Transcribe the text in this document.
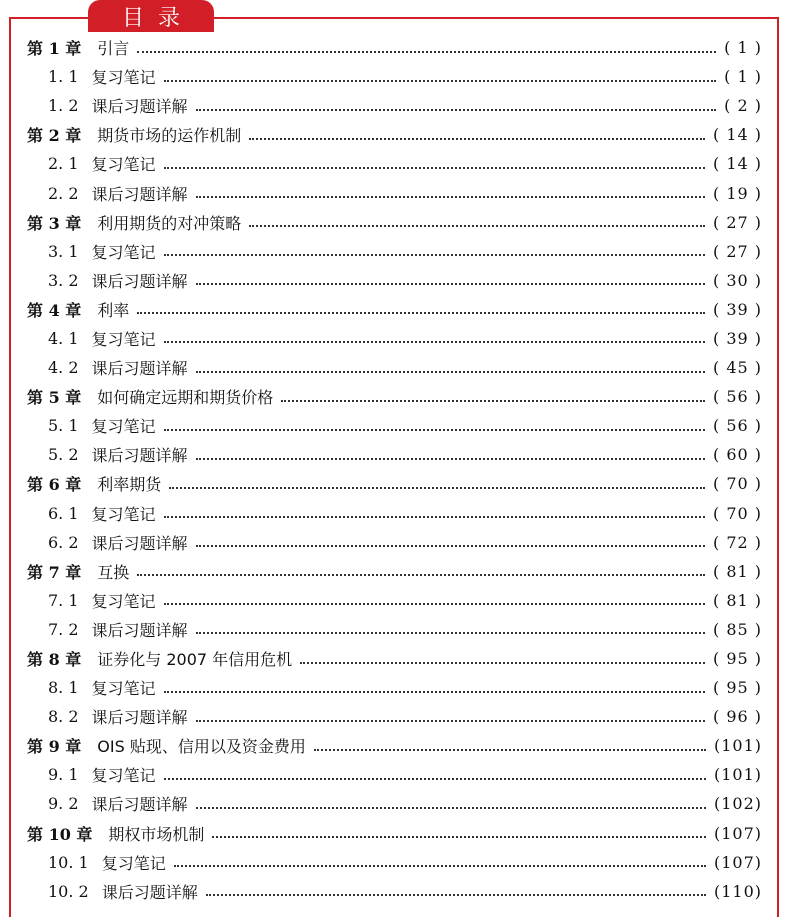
目录
第 1 章 引言	( 1 )
1. 1 复习笔记	( 1 )
1. 2 课后习题详解	( 2 )
第 2 章 期货市场的运作机制	( 14 )
2. 1 复习笔记	( 14 )
2. 2 课后习题详解	( 19 )
第 3 章 利用期货的对冲策略	( 27 )
3. 1 复习笔记	( 27 )
3. 2 课后习题详解	( 30 )
第 4 章 利率	( 39 )
4. 1 复习笔记	( 39 )
4. 2 课后习题详解	( 45 )
第 5 章 如何确定远期和期货价格	( 56 )
5. 1 复习笔记	( 56 )
5. 2 课后习题详解	( 60 )
第 6 章 利率期货	( 70 )
6. 1 复习笔记	( 70 )
6. 2 课后习题详解	( 72 )
第 7 章 互换	( 81 )
7. 1 复习笔记	( 81 )
7. 2 课后习题详解	( 85 )
第 8 章 证券化与 2007 年信用危机	( 95 )
8. 1 复习笔记	( 95 )
8. 2 课后习题详解	( 96 )
第 9 章 OIS 贴现、信用以及资金费用	(101)
9. 1 复习笔记	(101)
9. 2 课后习题详解	(102)
第 10 章 期权市场机制	(107)
10. 1 复习笔记	(107)
10. 2 课后习题详解	(110)
